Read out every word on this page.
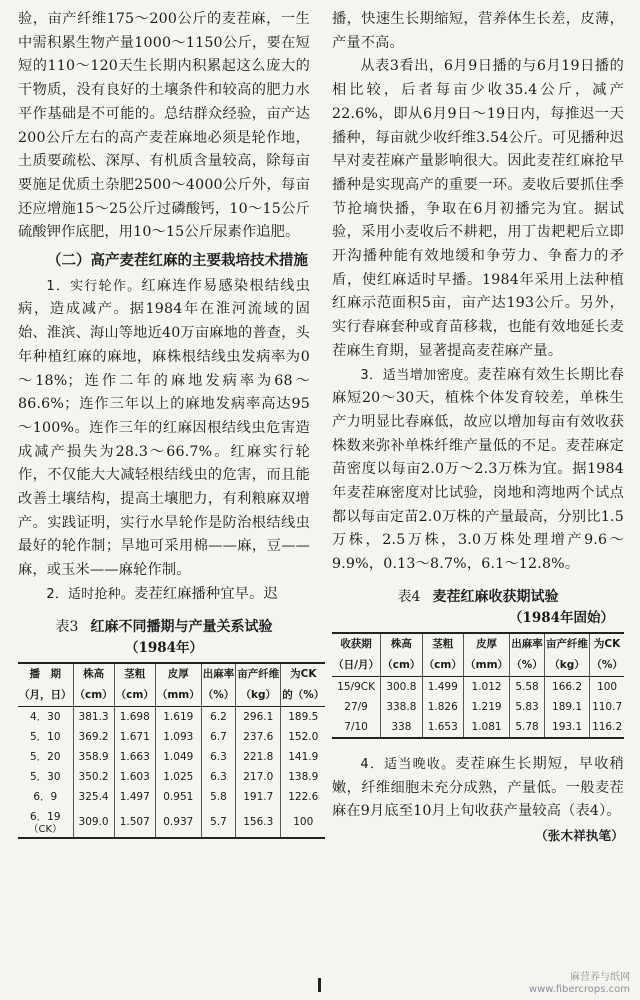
验，亩产纤维175～200公斤的麦茬麻，一生中需积累生物产量1000～1150公斤，要在短短的110～120天生长期内积累起这么庞大的干物质，没有良好的土壤条件和较高的肥力水平作基础是不可能的。总结群众经验，亩产达200公斤左右的高产麦茬麻地必须是轮作地，土质要疏松、深厚、有机质含量较高，除每亩要施足优质土杂肥2500～4000公斤外，每亩还应增施15～25公斤过磷酸钙，10～15公斤硫酸钾作底肥，用10～15公斤尿素作追肥。

（二）高产麦茬红麻的主要栽培技术措施

1．实行轮作。红麻连作易感染根结线虫病，造成减产。据1984年在淮河流域的固始、淮滨、海山等地近40万亩麻地的普查，头年种植红麻的麻地，麻株根结线虫发病率为0～18%；连作二年的麻地发病率为68～86.6%；连作三年以上的麻地发病率高达95～100%。连作三年的红麻因根结线虫危害造成减产损失为28.3～66.7%。红麻实行轮作，不仅能大大减轻根结线虫的危害，而且能改善土壤结构，提高土壤肥力，有利粮麻双增产。实践证明，实行水旱轮作是防治根结线虫最好的轮作制；旱地可采用棉——麻，豆——麻，或玉米——麻轮作制。

2．适时抢种。麦茬红麻播种宜早。迟

表3 红麻不同播期与产量关系试验
（1984年）
播　期	株高	茎粗	皮厚	出麻率	亩产纤维	为CK
（月，日）	（cm）	（cm）	（mm）	（%）	（kg）	的（%）
4．30	381.3	1.698	1.619	6.2	296.1	189.5
5．10	369.2	1.671	1.093	6.7	237.6	152.0
5．20	358.9	1.663	1.049	6.3	221.8	141.9
5．30	350.2	1.603	1.025	6.3	217.0	138.9
6．9	325.4	1.497	0.951	5.8	191.7	122.6
6．19
（CK）	309.0	1.507	0.937	5.7	156.3	100

播，快速生长期缩短，营养体生长差，皮薄，产量不高。

从表3看出，6月9日播的与6月19日播的相比较，后者每亩少收35.4公斤，减产22.6%，即从6月9日～19日内，每推迟一天播种，每亩就少收纤维3.54公斤。可见播种迟早对麦茬麻产量影响很大。因此麦茬红麻抢早播种是实现高产的重要一环。麦收后要抓住季节抢墒快播，争取在6月初播完为宜。据试验，采用小麦收后不耕耙，用丁齿耙耙后立即开沟播种能有效地缓和争劳力、争畜力的矛盾，使红麻适时早播。1984年采用上法种植红麻示范面积5亩，亩产达193公斤。另外，实行春麻套种或育苗移栽，也能有效地延长麦茬麻生育期，显著提高麦茬麻产量。

3．适当增加密度。麦茬麻有效生长期比春麻短20～30天，植株个体发育较差，单株生产力明显比春麻低，故应以增加每亩有效收获株数来弥补单株纤维产量低的不足。麦茬麻定苗密度以每亩2.0万～2.3万株为宜。据1984年麦茬麻密度对比试验，岗地和湾地两个试点都以每亩定苗2.0万株的产量最高，分别比1.5万株，2.5万株，3.0万株处理增产9.6～9.9%，0.13～8.7%，6.1～12.8%。

表4 麦茬红麻收获期试验
（1984年固始）
收获期	株高	茎粗	皮厚	出麻率	亩产纤维	为CK
（日/月）	（cm）	（cm）	（mm）	（%）	（kg）	（%）
15/9CK	300.8	1.499	1.012	5.58	166.2	100
27/9	338.8	1.826	1.219	5.83	189.1	110.7
7/10	338	1.653	1.081	5.78	193.1	116.2

4．适当晚收。麦茬麻生长期短，早收稍嫩，纤维细胞未充分成熟，产量低。一般麦茬麻在9月底至10月上旬收获产量较高（表4）。
（张木祥执笔）

麻营养与纸网
www.fibercrops.com
